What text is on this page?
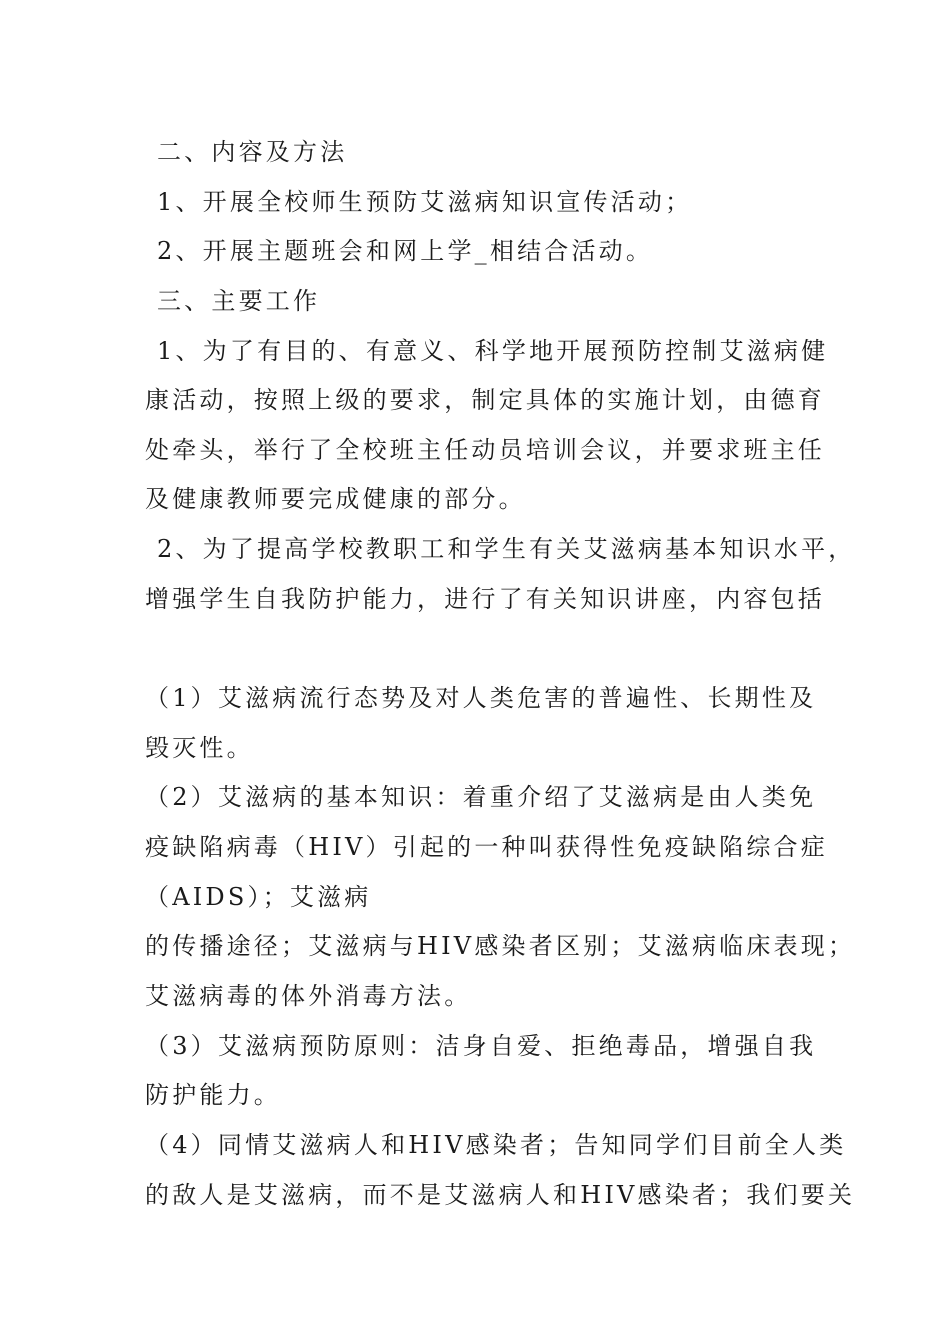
二、内容及方法
1、开展全校师生预防艾滋病知识宣传活动；
2、开展主题班会和网上学_相结合活动。
三、主要工作
1、为了有目的、有意义、科学地开展预防控制艾滋病健
康活动，按照上级的要求，制定具体的实施计划，由德育
处牵头，举行了全校班主任动员培训会议，并要求班主任
及健康教师要完成健康的部分。
2、为了提高学校教职工和学生有关艾滋病基本知识水平，
增强学生自我防护能力，进行了有关知识讲座，内容包括
（1）艾滋病流行态势及对人类危害的普遍性、长期性及
毁灭性。
（2）艾滋病的基本知识：着重介绍了艾滋病是由人类免
疫缺陷病毒（HIV）引起的一种叫获得性免疫缺陷综合症
（AIDS）；艾滋病
的传播途径；艾滋病与HIV感染者区别；艾滋病临床表现；
艾滋病毒的体外消毒方法。
（3）艾滋病预防原则：洁身自爱、拒绝毒品，增强自我
防护能力。
（4）同情艾滋病人和HIV感染者；告知同学们目前全人类
的敌人是艾滋病，而不是艾滋病人和HIV感染者；我们要关
